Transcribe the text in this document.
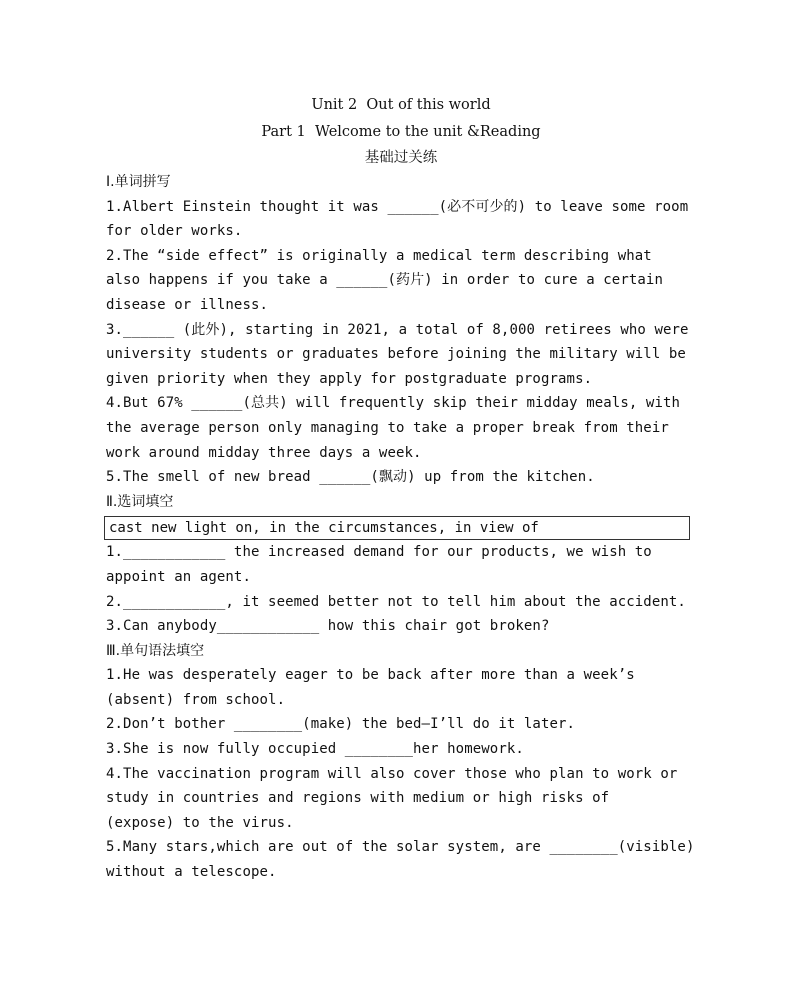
Unit 2  Out of this world
Part 1  Welcome to the unit &Reading
基础过关练
Ⅰ.单词拼写
1.Albert Einstein thought it was ______(必不可少的) to leave some room
for older works.
2.The “side effect” is originally a medical term describing what
also happens if you take a ______(药片) in order to cure a certain
disease or illness.
3.______ (此外), starting in 2021, a total of 8,000 retirees who were
university students or graduates before joining the military will be
given priority when they apply for postgraduate programs.
4.But 67% ______(总共) will frequently skip their midday meals, with
the average person only managing to take a proper break from their
work around midday three days a week.
5.The smell of new bread ______(飘动) up from the kitchen.
Ⅱ.选词填空
cast new light on, in the circumstances, in view of
1.____________ the increased demand for our products, we wish to
appoint an agent.
2.____________, it seemed better not to tell him about the accident.
3.Can anybody____________ how this chair got broken?
Ⅲ.单句语法填空
1.He was desperately eager to be back after more than a week’s
(absent) from school.
2.Don’t bother ________(make) the bed—I’ll do it later.
3.She is now fully occupied ________her homework.
4.The vaccination program will also cover those who plan to work or
study in countries and regions with medium or high risks of
(expose) to the virus.
5.Many stars,which are out of the solar system, are ________(visible)
without a telescope.
